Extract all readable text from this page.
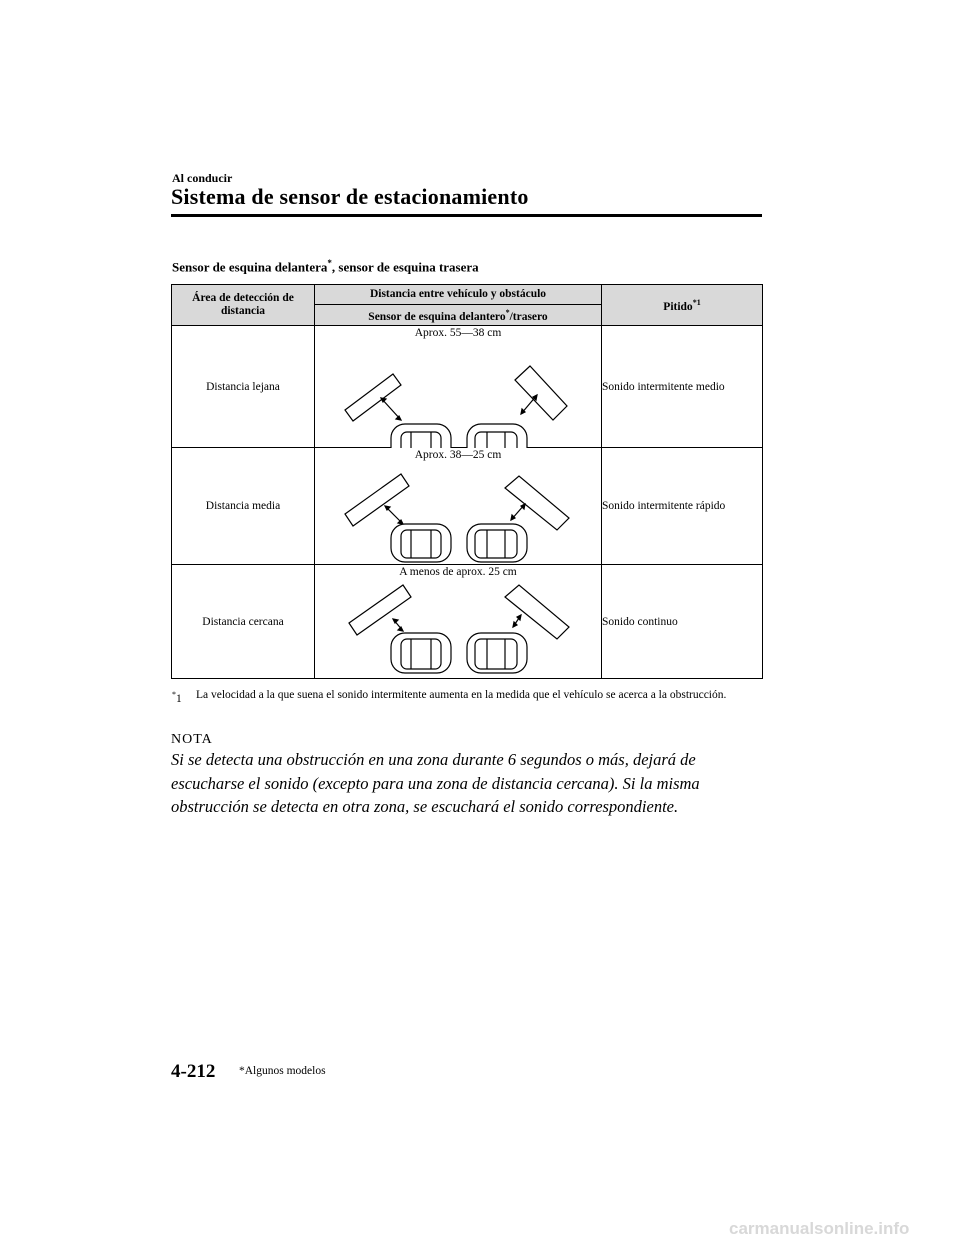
Al conducir
Sistema de sensor de estacionamiento
Sensor de esquina delantera*, sensor de esquina trasera
Área de detección de distancia	Distancia entre vehículo y obstáculo	Pitido$^{*1}$
	Sensor de esquina delantero*/trasero	
Distancia lejana	Aprox. 55―38 cm	Sonido intermitente medio
Distancia media	Aprox. 38―25 cm	Sonido intermitente rápido
Distancia cercana	A menos de aprox. 25 cm	Sonido continuo
*1 La velocidad a la que suena el sonido intermitente aumenta en la medida que el vehículo se acerca a la obstrucción.
NOTA
Si se detecta una obstrucción en una zona durante 6 segundos o más, dejará de escucharse el sonido (excepto para una zona de distancia cercana). Si la misma obstrucción se detecta en otra zona, se escuchará el sonido correspondiente.
4-212 *Algunos modelos
carmanualsonline.info
